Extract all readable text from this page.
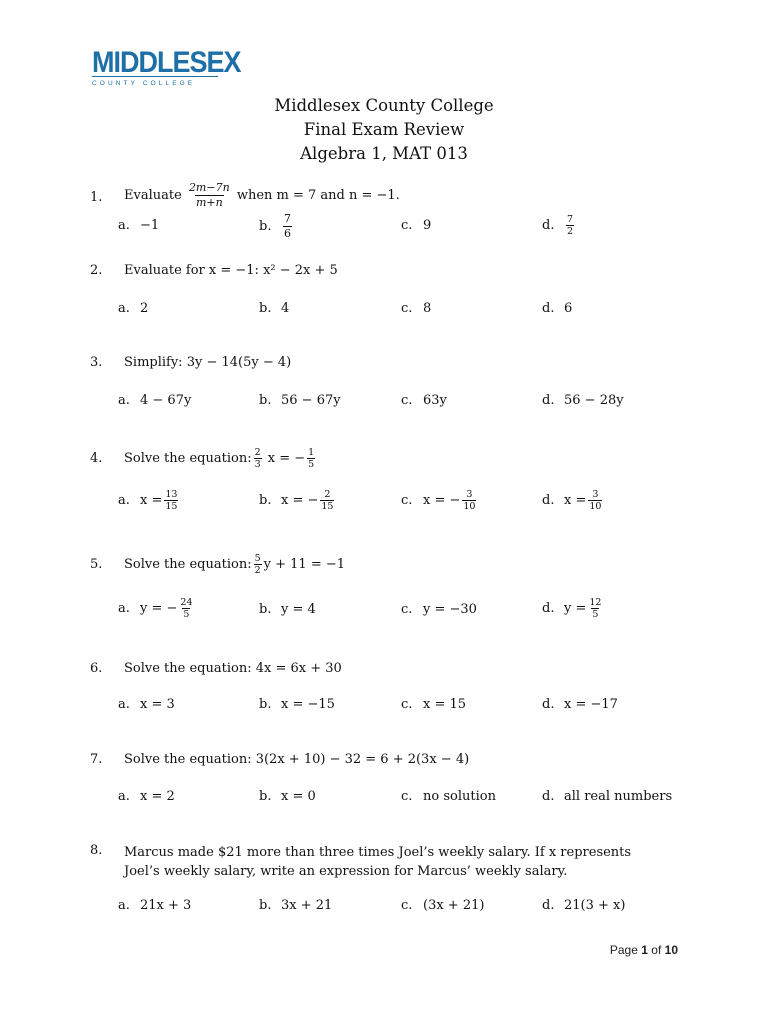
MIDDLESEX
COUNTY COLLEGE
Middlesex County College
Final Exam Review
Algebra 1, MAT 013
1. Evaluate $\frac{2m-7n}{m+n}$ when m = 7 and n = −1.
a. −1	b.	$\frac{7}{6}$	c. 9	d.	$\frac{7}{2}$
2. Evaluate for x = −1: x² − 2x + 5
a. 2	b. 4	c. 8	d. 6
3. Simplify: 3y − 14(5y − 4)
a. 4 − 67y	b. 56 − 67y	c. 63y	d. 56 − 28y
4. Solve the equation: $\frac{2}{3}$ x = − $\frac{1}{5}$
a. $x = \frac{13}{15}$	b. x = − $\frac{2}{15}$	c. x = − $\frac{3}{10}$	d. $x = \frac{3}{10}$
5. Solve the equation: $\frac{5}{2}$ y + 11 = −1
a. y = − $\frac{24}{5}$	b. y = 4	c. y = −30	d. $y = \frac{12}{5}$
6. Solve the equation: 4x = 6x + 30
a. x = 3	b. x = −15	c. x = 15	d. x = −17
7. Solve the equation: 3(2x + 10) − 32 = 6 + 2(3x − 4)
a. x = 2	b. x = 0	c. no solution	d. all real numbers
8. Marcus made $21 more than three times Joel’s weekly salary. If x represents Joel’s weekly salary, write an expression for Marcus’ weekly salary.
a. 21x + 3	b. 3x + 21	c. (3x + 21)	d. 21(3 + x)
Page 1 of 10
